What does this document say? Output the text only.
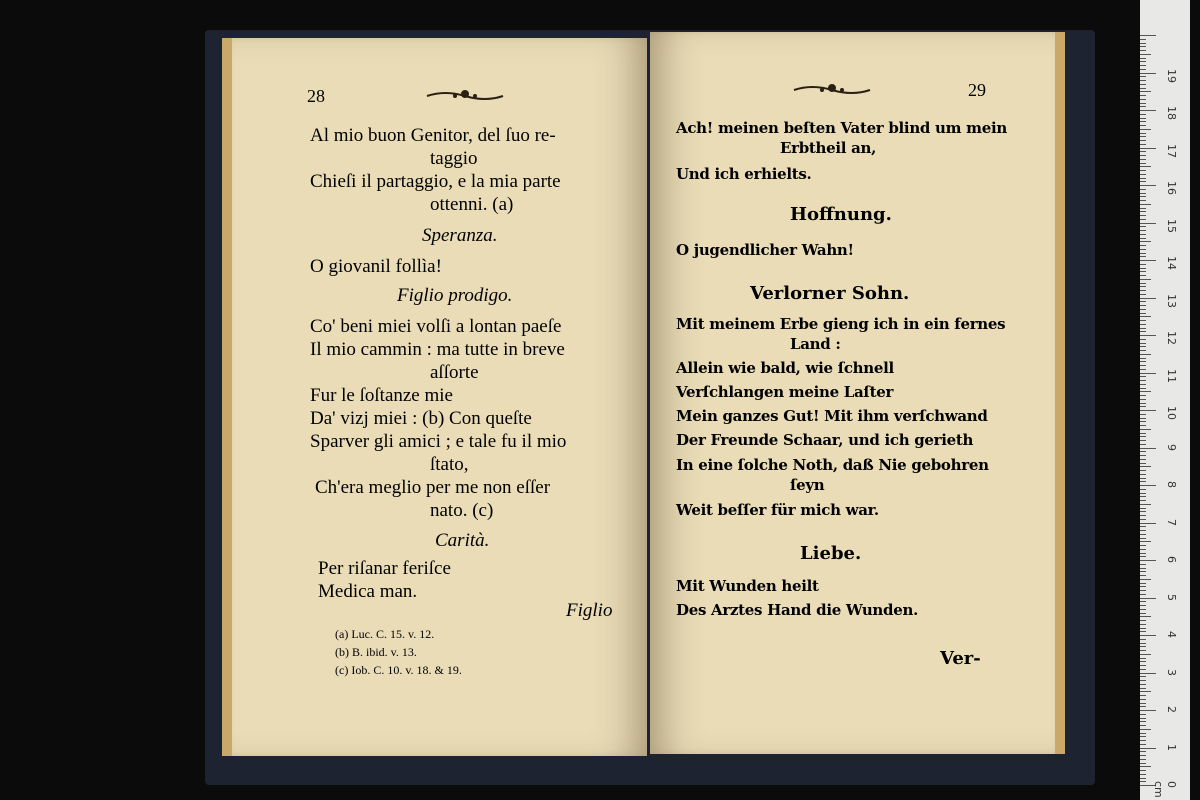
28
Al mio buon Genitor, del ſuo re-
taggio
Chieſi il partaggio, e la mia parte
ottenni. (a)
Speranza.
O giovanil follìa!
Figlio prodigo.
Co' beni miei volſi a lontan paeſe
Il mio cammin : ma tutte in breve
aſſorte
Fur le ſoſtanze mie
Da' vizj miei : (b) Con queſte
Sparver gli amici ; e tale fu il mio
ſtato,
Ch'era meglio per me non eſſer
nato. (c)
Carità.
Per riſanar feriſce
Medica man.
Figlio
(a) Luc. C. 15. v. 12.
(b) B. ibid. v. 13.
(c) Iob. C. 10. v. 18. & 19.
29
Ach! meinen beſten Vater blind um mein
Erbtheil an,
Und ich erhielts.
Hoffnung.
O jugendlicher Wahn!
Verlorner Sohn.
Mit meinem Erbe gieng ich in ein fernes
Land :
Allein wie bald, wie ſchnell
Verſchlangen meine Laſter
Mein ganzes Gut! Mit ihm verſchwand
Der Freunde Schaar, und ich gerieth
In eine ſolche Noth, daß Nie gebohren
ſeyn
Weit beſſer für mich war.
Liebe.
Mit Wunden heilt
Des Arztes Hand die Wunden.
Ver-
0 cm
1
2
3
4
5
6
7
8
9
10
11
12
13
14
15
16
17
18
19
